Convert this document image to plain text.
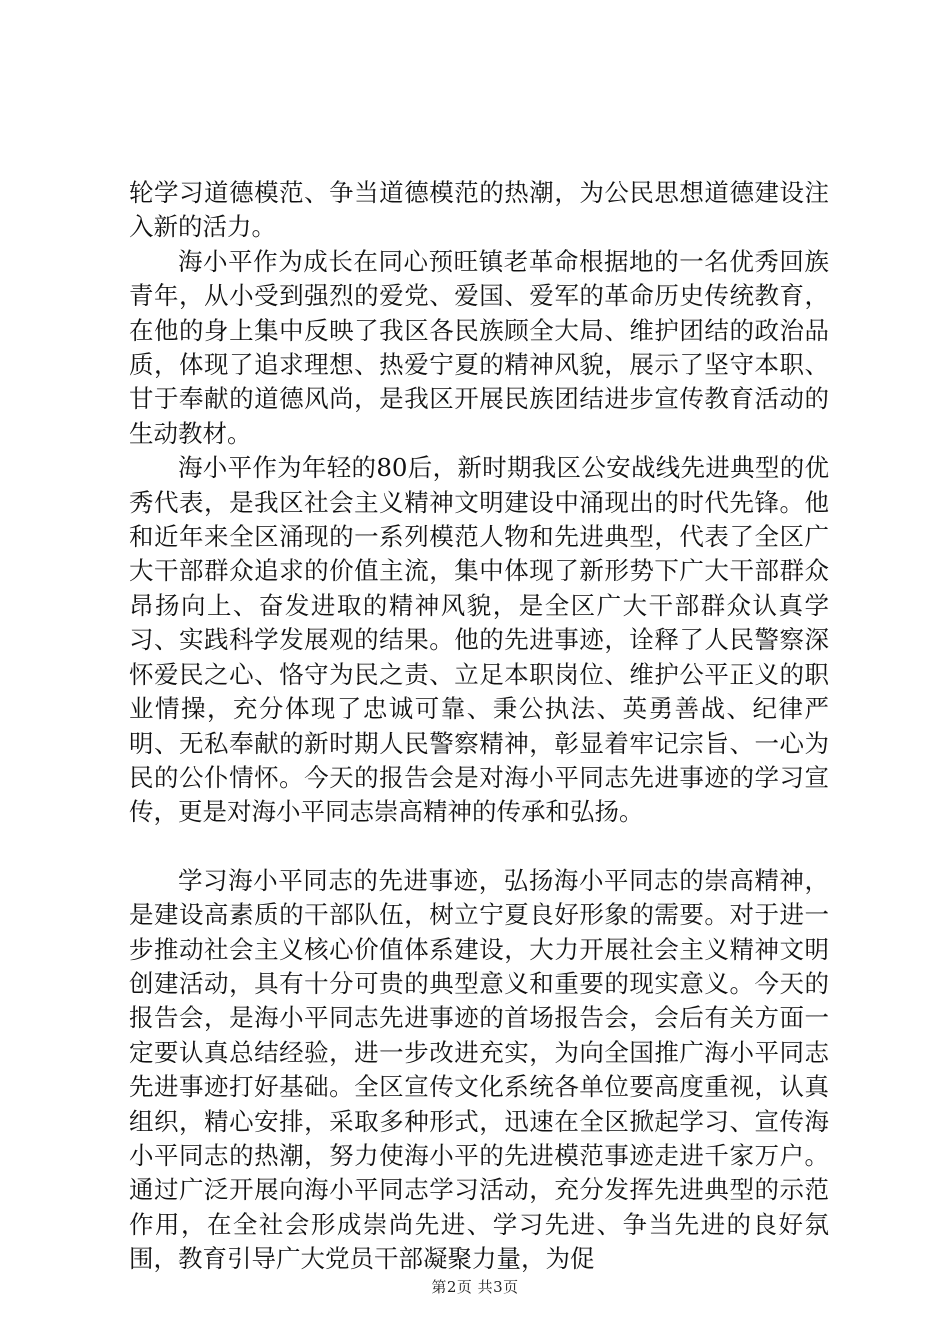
轮学习道德模范、争当道德模范的热潮，为公民思想道德建设注入新的活力。

海小平作为成长在同心预旺镇老革命根据地的一名优秀回族青年，从小受到强烈的爱党、爱国、爱军的革命历史传统教育，在他的身上集中反映了我区各民族顾全大局、维护团结的政治品质，体现了追求理想、热爱宁夏的精神风貌，展示了坚守本职、甘于奉献的道德风尚，是我区开展民族团结进步宣传教育活动的生动教材。

海小平作为年轻的80后，新时期我区公安战线先进典型的优秀代表，是我区社会主义精神文明建设中涌现出的时代先锋。他和近年来全区涌现的一系列模范人物和先进典型，代表了全区广大干部群众追求的价值主流，集中体现了新形势下广大干部群众昂扬向上、奋发进取的精神风貌，是全区广大干部群众认真学习、实践科学发展观的结果。他的先进事迹，诠释了人民警察深怀爱民之心、恪守为民之责、立足本职岗位、维护公平正义的职业情操，充分体现了忠诚可靠、秉公执法、英勇善战、纪律严明、无私奉献的新时期人民警察精神，彰显着牢记宗旨、一心为民的公仆情怀。今天的报告会是对海小平同志先进事迹的学习宣传，更是对海小平同志崇高精神的传承和弘扬。

学习海小平同志的先进事迹，弘扬海小平同志的崇高精神，是建设高素质的干部队伍，树立宁夏良好形象的需要。对于进一步推动社会主义核心价值体系建设，大力开展社会主义精神文明创建活动，具有十分可贵的典型意义和重要的现实意义。今天的报告会，是海小平同志先进事迹的首场报告会，会后有关方面一定要认真总结经验，进一步改进充实，为向全国推广海小平同志先进事迹打好基础。全区宣传文化系统各单位要高度重视，认真组织，精心安排，采取多种形式，迅速在全区掀起学习、宣传海小平同志的热潮，努力使海小平的先进模范事迹走进千家万户。通过广泛开展向海小平同志学习活动，充分发挥先进典型的示范作用，在全社会形成崇尚先进、学习先进、争当先进的良好氛围，教育引导广大党员干部凝聚力量，为促

第2页 共3页
